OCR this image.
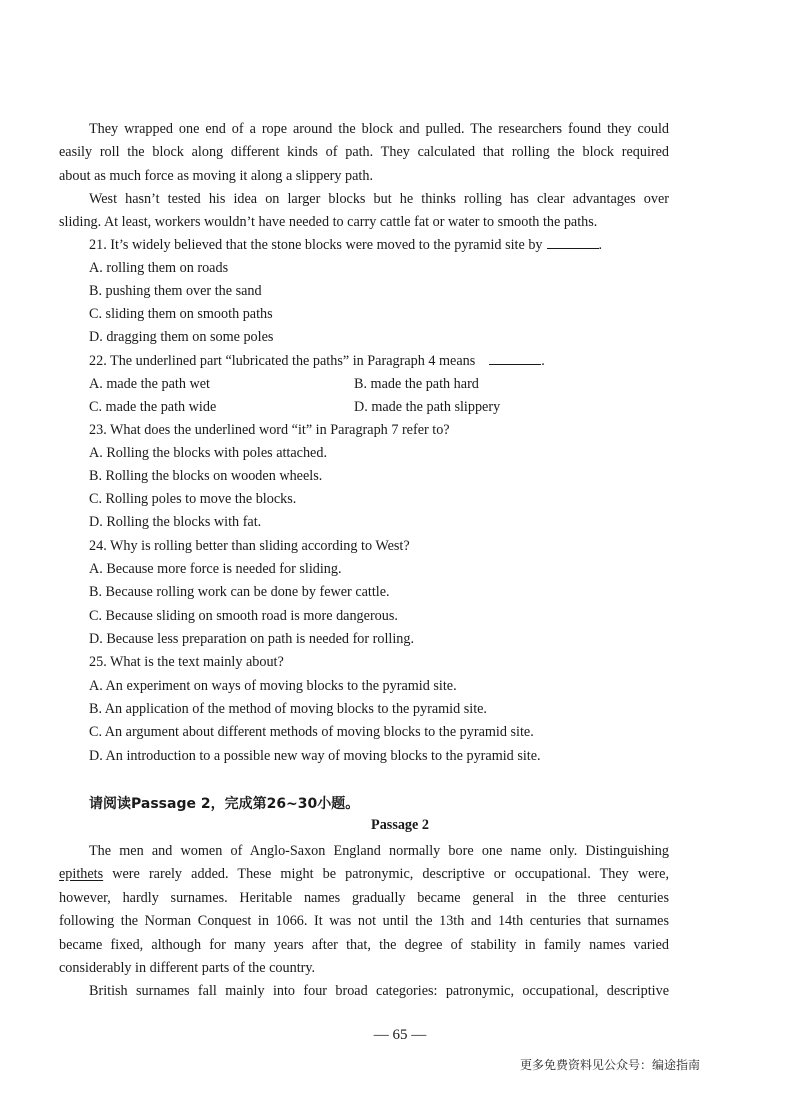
They wrapped one end of a rope around the block and pulled. The researchers found they could
easily roll the block along different kinds of path. They calculated that rolling the block required
about as much force as moving it along a slippery path.
West hasn’t tested his idea on larger blocks but he thinks rolling has clear advantages over
sliding. At least, workers wouldn’t have needed to carry cattle fat or water to smooth the paths.
21. It’s widely believed that the stone blocks were moved to the pyramid site by	.
A. rolling them on roads
B. pushing them over the sand
C. sliding them on smooth paths
D. dragging them on some poles
22. The underlined part “lubricated the paths” in Paragraph 4 means	.
A. made the path wet	B. made the path hard
C. made the path wide	D. made the path slippery
23. What does the underlined word “it” in Paragraph 7 refer to?
A. Rolling the blocks with poles attached.
B. Rolling the blocks on wooden wheels.
C. Rolling poles to move the blocks.
D. Rolling the blocks with fat.
24. Why is rolling better than sliding according to West?
A. Because more force is needed for sliding.
B. Because rolling work can be done by fewer cattle.
C. Because sliding on smooth road is more dangerous.
D. Because less preparation on path is needed for rolling.
25. What is the text mainly about?
A. An experiment on ways of moving blocks to the pyramid site.
B. An application of the method of moving blocks to the pyramid site.
C. An argument about different methods of moving blocks to the pyramid site.
D. An introduction to a possible new way of moving blocks to the pyramid site.
请阅读Passage 2，完成第26~30小题。
Passage 2
The men and women of Anglo-Saxon England normally bore one name only. Distinguishing
epithets were rarely added. These might be patronymic, descriptive or occupational. They were,
however, hardly surnames. Heritable names gradually became general in the three centuries
following the Norman Conquest in 1066. It was not until the 13th and 14th centuries that surnames
became fixed, although for many years after that, the degree of stability in family names varied
considerably in different parts of the country.
British surnames fall mainly into four broad categories: patronymic, occupational, descriptive
— 65 —
更多免费资料见公众号：编途指南
